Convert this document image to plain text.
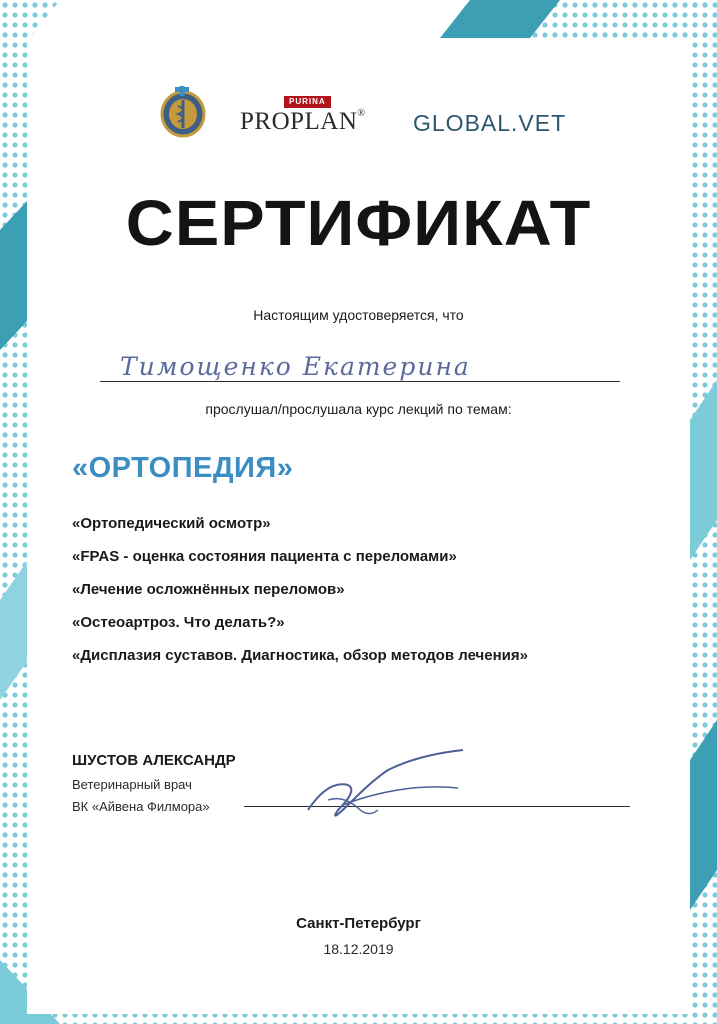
PURINA
PROPLAN® GLOBAL.VET
СЕРТИФИКАТ
Настоящим удостоверяется, что
Тимощенко Екатерина
прослушал/прослушала курс лекций по темам:
«ОРТОПЕДИЯ»
«Ортопедический осмотр»
«FPAS - оценка состояния пациента с переломами»
«Лечение осложнённых переломов»
«Остеоартроз. Что делать?»
«Дисплазия суставов. Диагностика, обзор методов лечения»
ШУСТОВ АЛЕКСАНДР
Ветеринарный врач
ВК «Айвена Филмора»
Санкт-Петербург
18.12.2019
